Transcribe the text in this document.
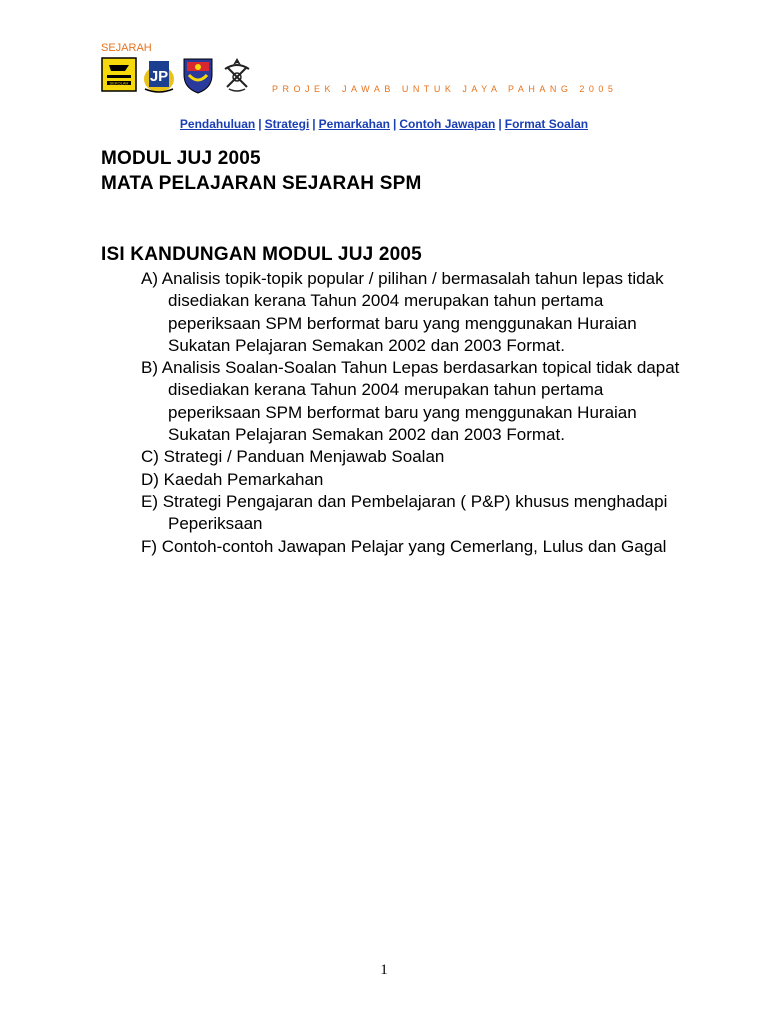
SEJARAH
SEKOLAH JP
PROJEK JAWAB UNTUK JAYA PAHANG 2005
Pendahuluan | Strategi | Pemarkahan | Contoh Jawapan | Format Soalan
MODUL JUJ 2005
MATA PELAJARAN SEJARAH SPM
ISI KANDUNGAN MODUL JUJ 2005
A) Analisis topik-topik popular / pilihan / bermasalah tahun lepas tidak disediakan kerana Tahun 2004 merupakan tahun pertama peperiksaan SPM berformat baru yang menggunakan Huraian Sukatan Pelajaran Semakan 2002 dan 2003 Format.
B) Analisis Soalan-Soalan Tahun Lepas berdasarkan topical tidak dapat disediakan kerana Tahun 2004 merupakan tahun pertama peperiksaan SPM berformat baru yang menggunakan Huraian Sukatan Pelajaran Semakan 2002 dan 2003 Format.
C) Strategi / Panduan Menjawab Soalan
D) Kaedah Pemarkahan
E) Strategi Pengajaran dan Pembelajaran ( P&P) khusus menghadapi Peperiksaan
F) Contoh-contoh Jawapan Pelajar yang Cemerlang, Lulus dan Gagal
1
